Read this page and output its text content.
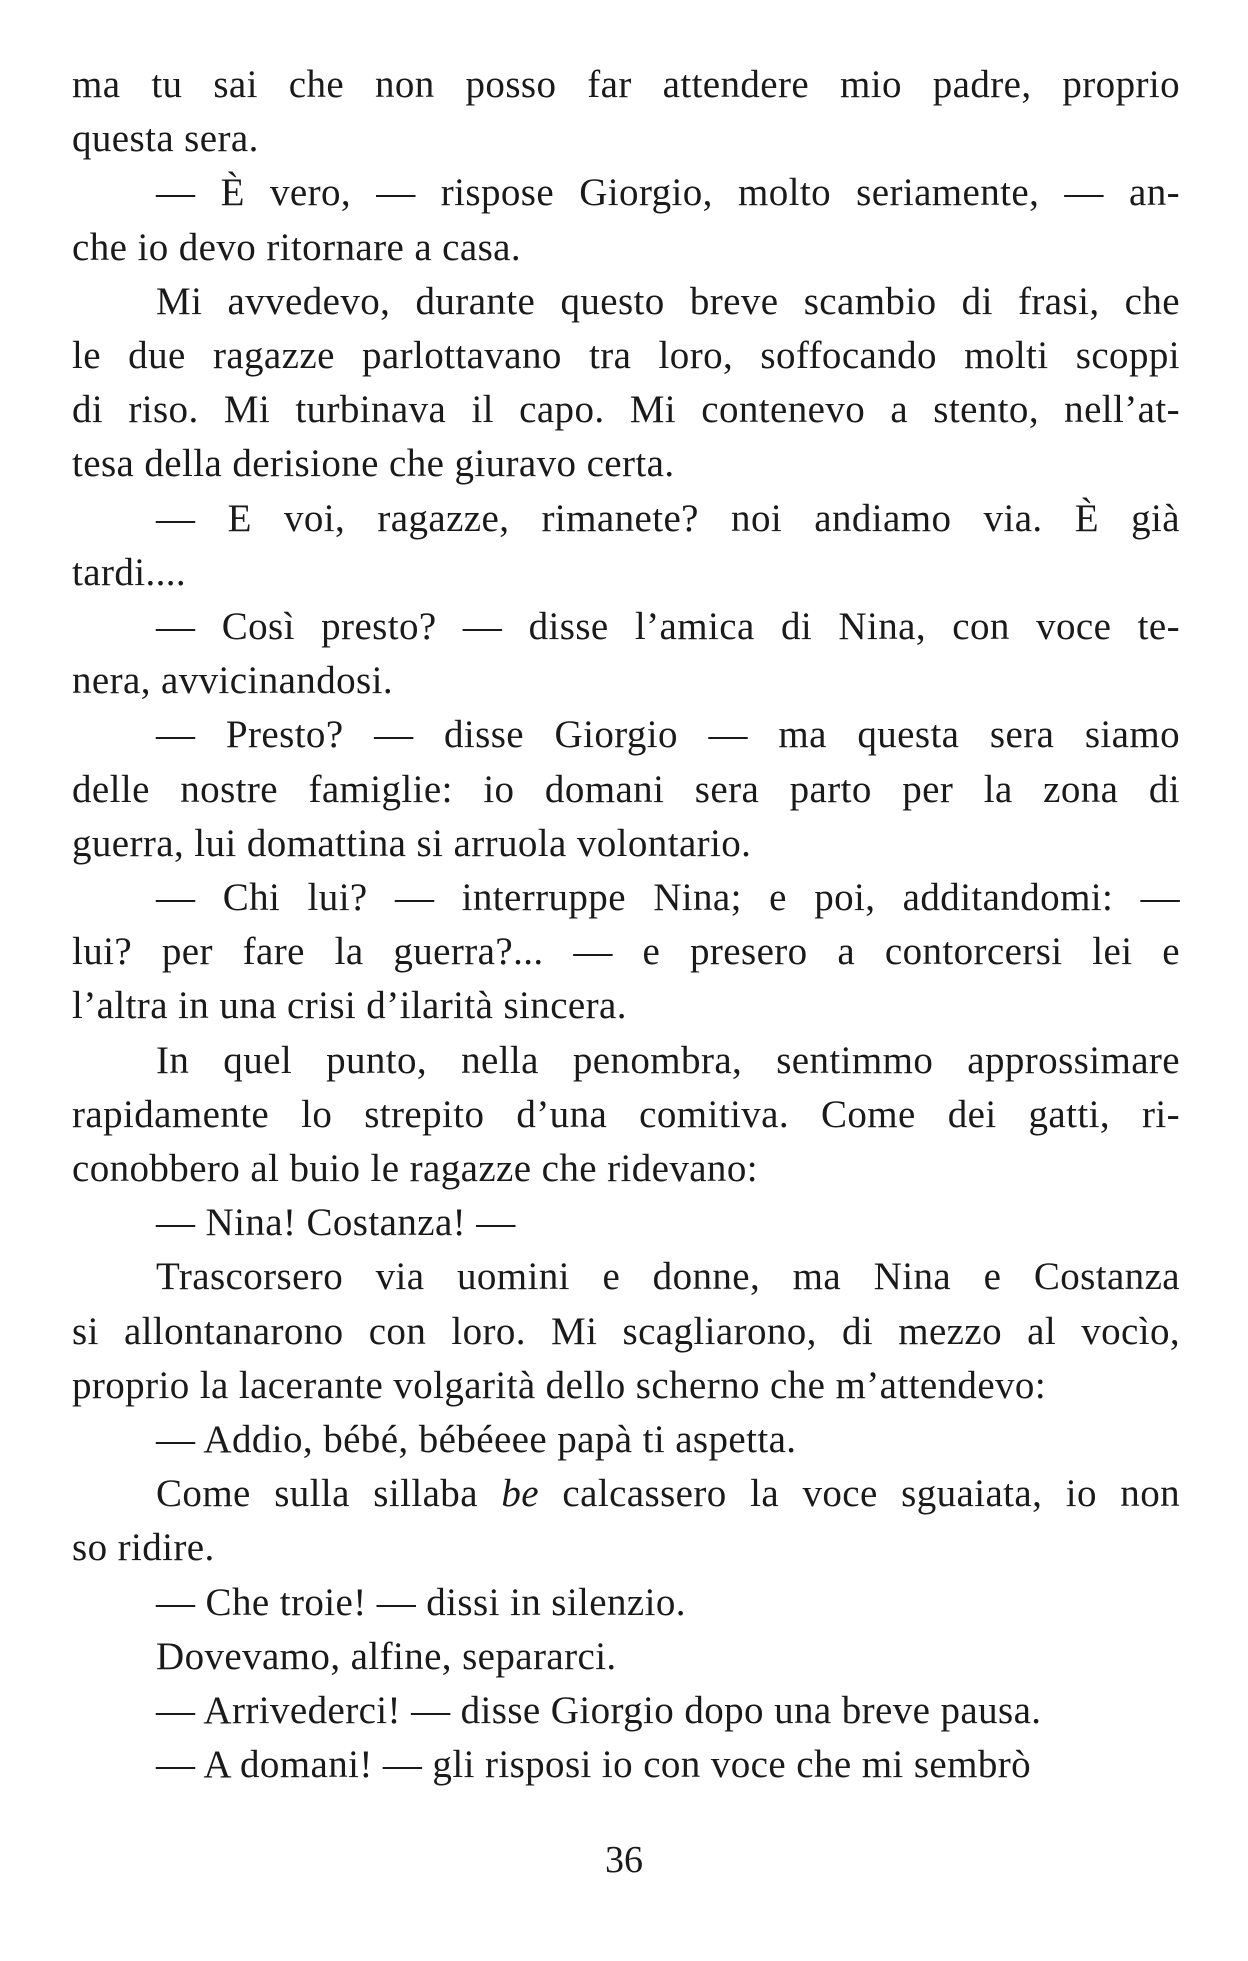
ma tu sai che non posso far attendere mio padre, proprio
questa sera.
— È vero, — rispose Giorgio, molto seriamente, — an-
che io devo ritornare a casa.
Mi avvedevo, durante questo breve scambio di frasi, che
le due ragazze parlottavano tra loro, soffocando molti scoppi
di riso. Mi turbinava il capo. Mi contenevo a stento, nell’at-
tesa della derisione che giuravo certa.
— E voi, ragazze, rimanete? noi andiamo via. È già
tardi....
— Così presto? — disse l’amica di Nina, con voce te-
nera, avvicinandosi.
— Presto? — disse Giorgio — ma questa sera siamo
delle nostre famiglie: io domani sera parto per la zona di
guerra, lui domattina si arruola volontario.
— Chi lui? — interruppe Nina; e poi, additandomi: —
lui? per fare la guerra?... — e presero a contorcersi lei e
l’altra in una crisi d’ilarità sincera.
In quel punto, nella penombra, sentimmo approssimare
rapidamente lo strepito d’una comitiva. Come dei gatti, ri-
conobbero al buio le ragazze che ridevano:
— Nina! Costanza! —
Trascorsero via uomini e donne, ma Nina e Costanza
si allontanarono con loro. Mi scagliarono, di mezzo al vocìo,
proprio la lacerante volgarità dello scherno che m’attendevo:
— Addio, bébé, bébéeee papà ti aspetta.
Come sulla sillaba be calcassero la voce sguaiata, io non
so ridire.
— Che troie! — dissi in silenzio.
Dovevamo, alfine, separarci.
— Arrivederci! — disse Giorgio dopo una breve pausa.
— A domani! — gli risposi io con voce che mi sembrò
36
